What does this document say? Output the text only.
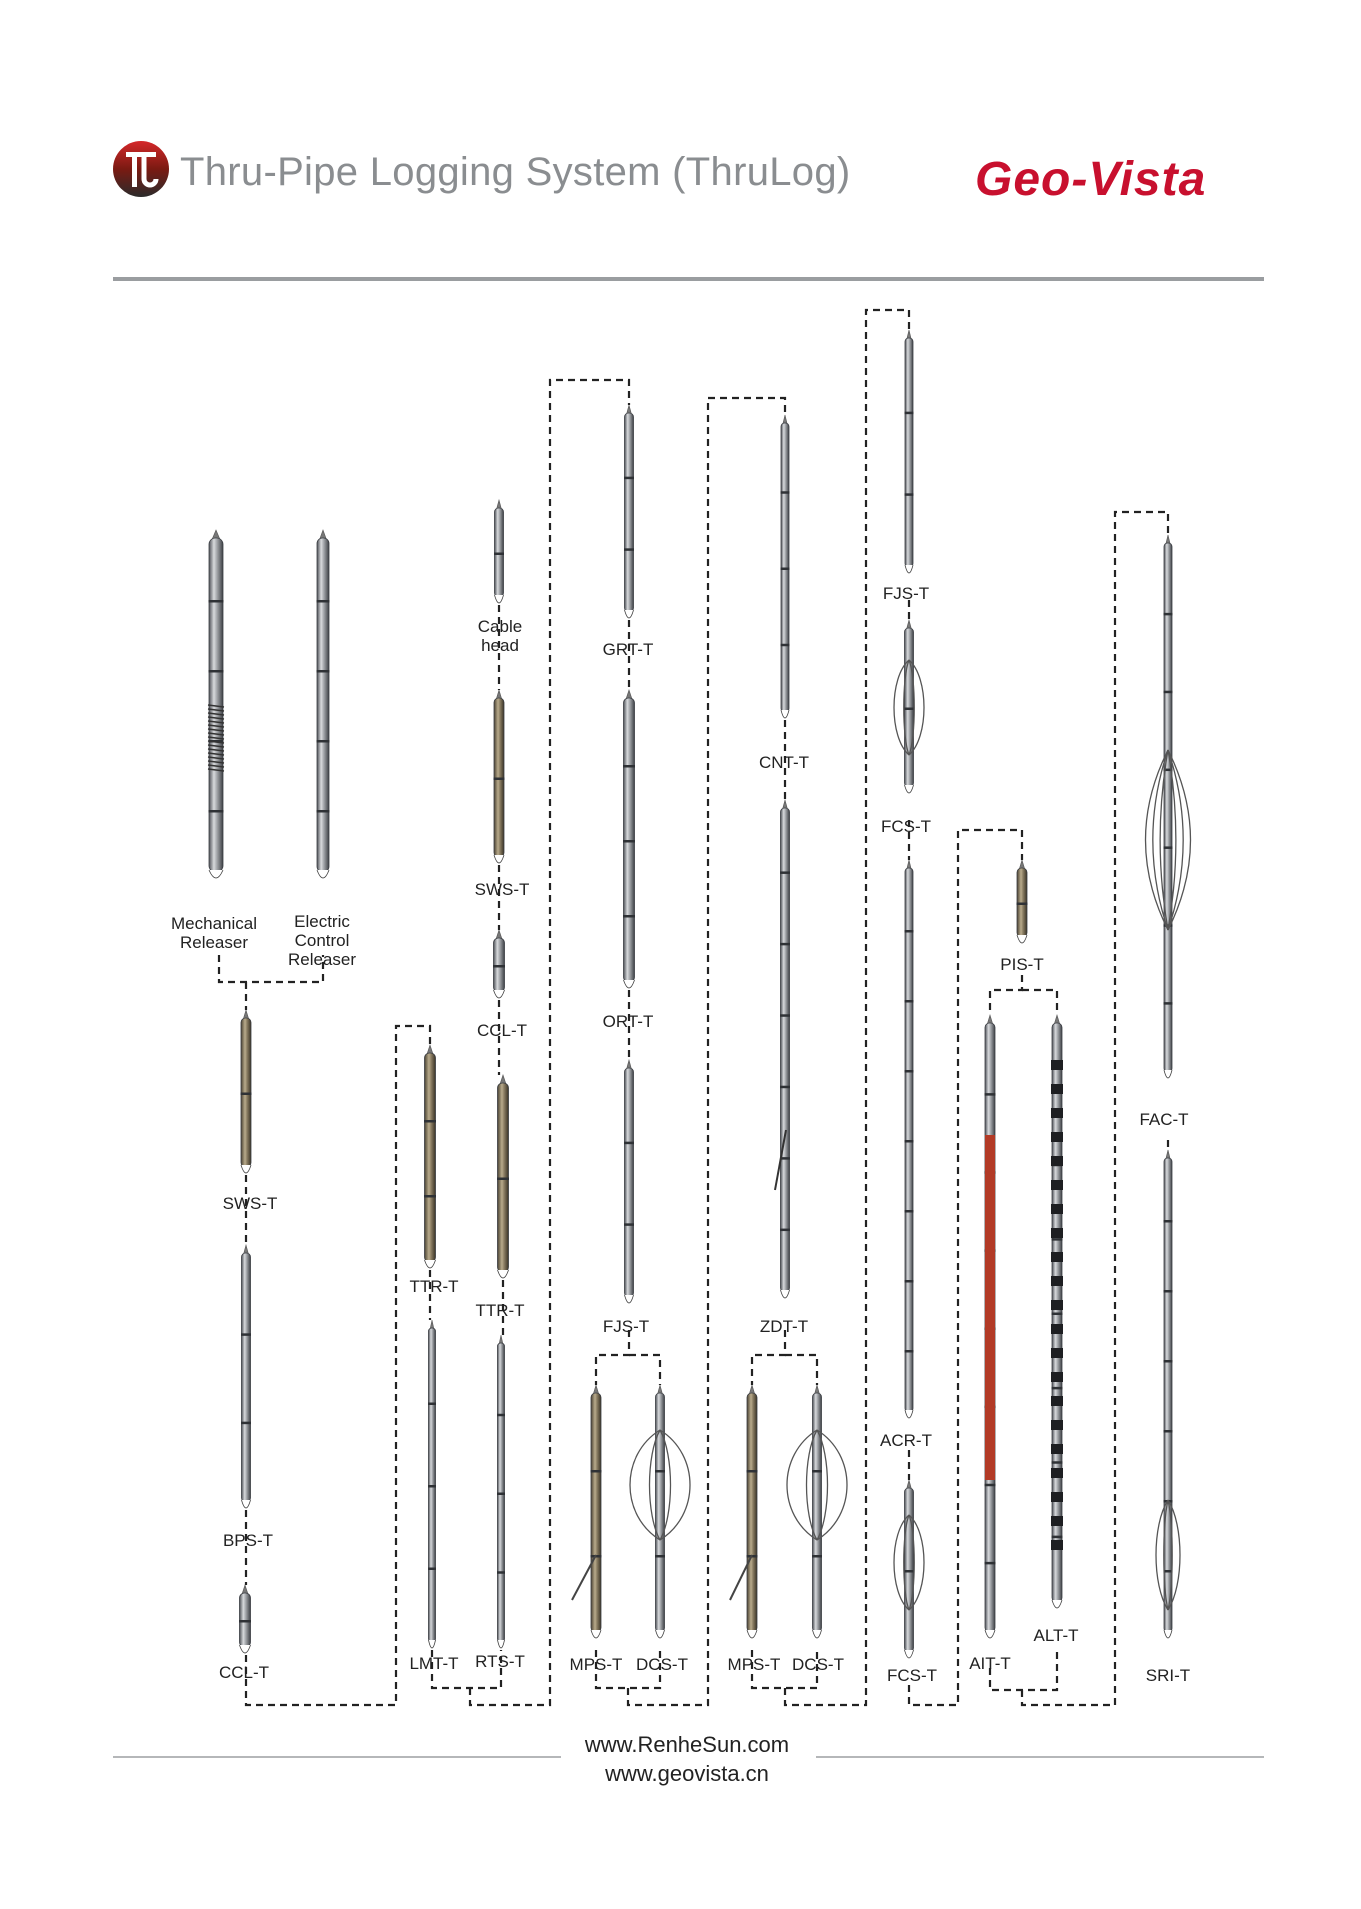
Thru-Pipe Logging System (ThruLog)	Geo-Vista
Mechanical Releaser
Electric Control Releaser
SWS-T
BPS-T
CCL-T
Cable head
SWS-T
CCL-T
TTR-T
TTR-T
LMT-T RTS-T
GRT-T
ORT-T
FJS-T
MPS-T DCS-T
CNT-T
ZDT-T
MPS-T DCS-T
FJS-T
FCS-T
ACR-T
FCS-T
PIS-T
AIT-T
ALT-T
FAC-T
SRI-T
www.RenheSun.com
www.geovista.cn
